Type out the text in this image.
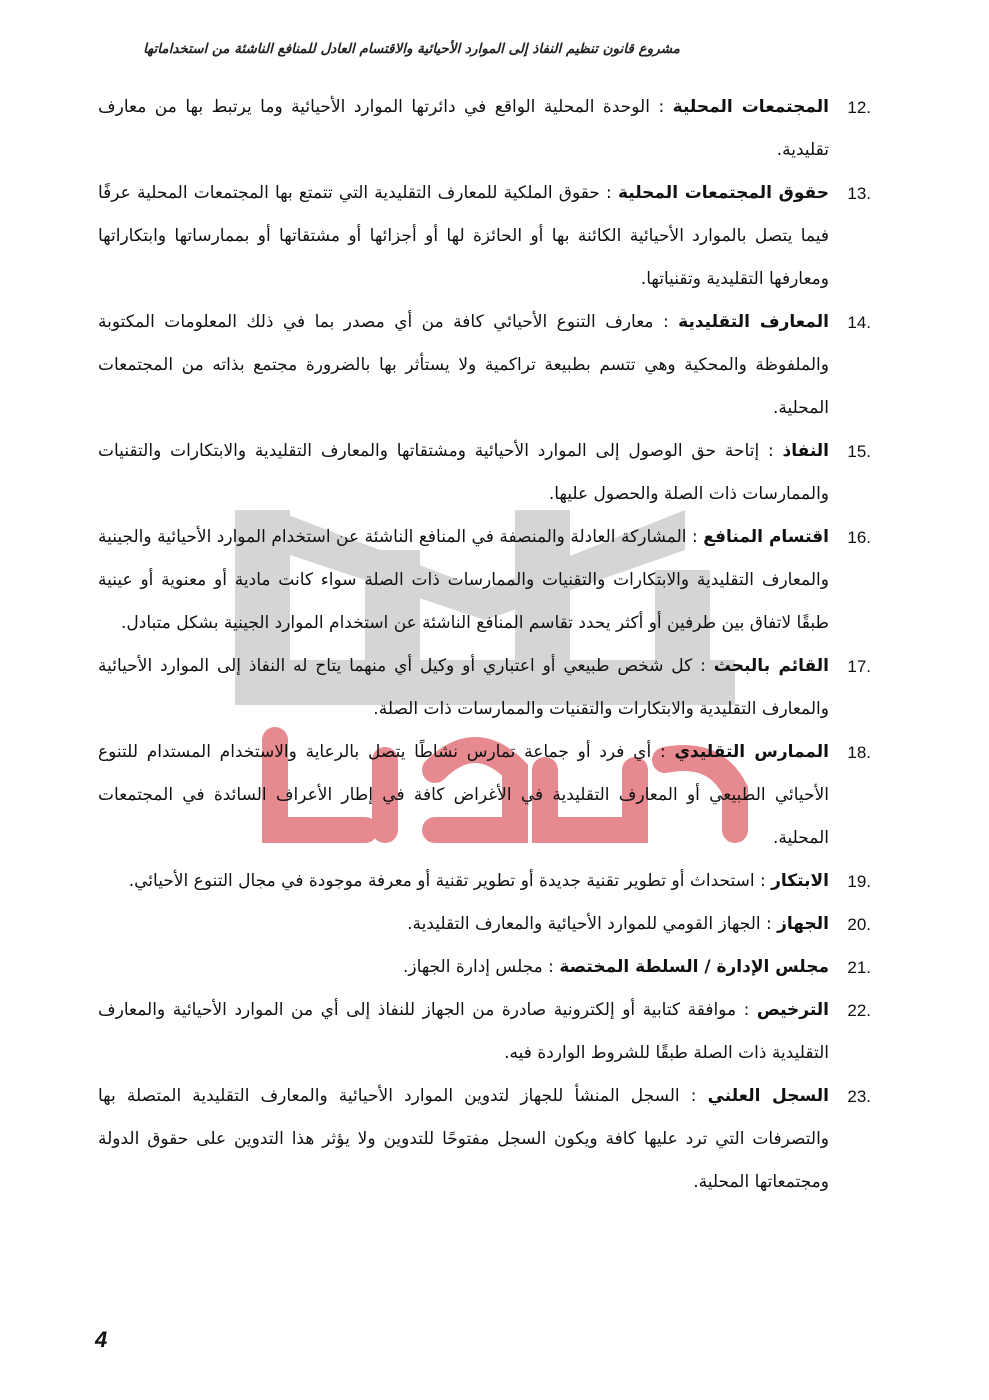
مشروع قانون تنظيم النفاذ إلى الموارد الأحيائية والاقتسام العادل للمنافع الناشئة من استخداماتها
12.
المجتمعات المحلية : الوحدة المحلية الواقع في دائرتها الموارد الأحيائية وما يرتبط بها من معارف تقليدية.
13.
حقوق المجتمعات المحلية : حقوق الملكية للمعارف التقليدية التي تتمتع بها المجتمعات المحلية عرفًا فيما يتصل بالموارد الأحيائية الكائنة بها أو الحائزة لها أو أجزائها أو مشتقاتها أو بممارساتها وابتكاراتها ومعارفها التقليدية وتقنياتها.
14.
المعارف التقليدية : معارف التنوع الأحيائي كافة من أي مصدر بما في ذلك المعلومات المكتوبة والملفوظة والمحكية وهي تتسم بطبيعة تراكمية ولا يستأثر بها بالضرورة مجتمع بذاته من المجتمعات المحلية.
15.
النفاذ : إتاحة حق الوصول إلى الموارد الأحيائية ومشتقاتها والمعارف التقليدية والابتكارات والتقنيات والممارسات ذات الصلة والحصول عليها.
16.
اقتسام المنافع : المشاركة العادلة والمنصفة في المنافع الناشئة عن استخدام الموارد الأحيائية والجينية والمعارف التقليدية والابتكارات والتقنيات والممارسات ذات الصلة سواء كانت مادية أو معنوية أو عينية طبقًا لاتفاق بين طرفين أو أكثر يحدد تقاسم المنافع الناشئة عن استخدام الموارد الجينية بشكل متبادل.
17.
القائم بالبحث : كل شخص طبيعي أو اعتباري أو وكيل أي منهما يتاح له النفاذ إلى الموارد الأحيائية والمعارف التقليدية والابتكارات والتقنيات والممارسات ذات الصلة.
18.
الممارس التقليدي : أي فرد أو جماعة تمارس نشاطًا يتصل بالرعاية والاستخدام المستدام للتنوع الأحيائي الطبيعي أو المعارف التقليدية في الأغراض كافة في إطار الأعراف السائدة في المجتمعات المحلية.
19.
الابتكار : استحداث أو تطوير تقنية جديدة أو تطوير تقنية أو معرفة موجودة في مجال التنوع الأحيائي.
20.
الجهاز : الجهاز القومي للموارد الأحيائية والمعارف التقليدية.
21.
مجلس الإدارة / السلطة المختصة : مجلس إدارة الجهاز.
22.
الترخيص : موافقة كتابية أو إلكترونية صادرة من الجهاز للنفاذ إلى أي من الموارد الأحيائية والمعارف التقليدية ذات الصلة طبقًا للشروط الواردة فيه.
23.
السجل العلني : السجل المنشأ للجهاز لتدوين الموارد الأحيائية والمعارف التقليدية المتصلة بها والتصرفات التي ترد عليها كافة ويكون السجل مفتوحًا للتدوين ولا يؤثر هذا التدوين على حقوق الدولة ومجتمعاتها المحلية.
4
